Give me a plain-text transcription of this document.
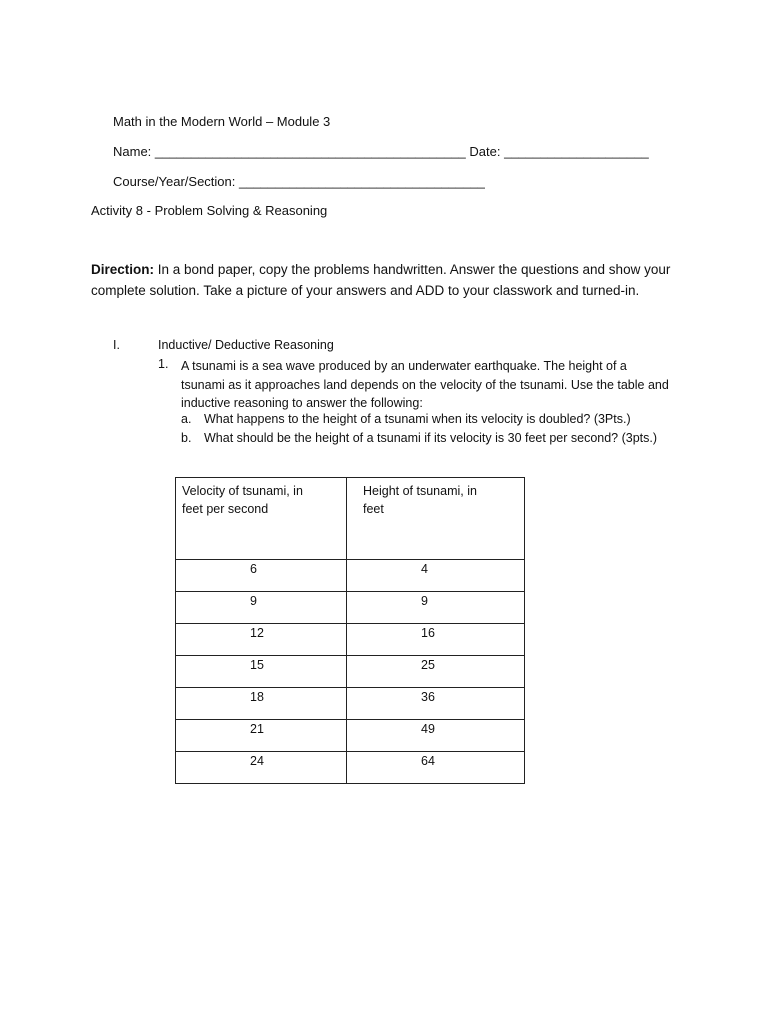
Math in the Modern World – Module 3
Name: ___________________________________________ Date: ____________________
Course/Year/Section: __________________________________
Activity 8 - Problem Solving & Reasoning
Direction: In a bond paper, copy the problems handwritten. Answer the questions and show your complete solution. Take a picture of your answers and ADD to your classwork and turned-in.
I.	Inductive/ Deductive Reasoning
1. A tsunami is a sea wave produced by an underwater earthquake. The height of a tsunami as it approaches land depends on the velocity of the tsunami. Use the table and inductive reasoning to answer the following:
a. What happens to the height of a tsunami when its velocity is doubled? (3Pts.)
b. What should be the height of a tsunami if its velocity is 30 feet per second? (3pts.)
Velocity of tsunami, in feet per second	Height of tsunami, in feet

6	4
9	9
12	16
15	25
18	36
21	49
24	64
